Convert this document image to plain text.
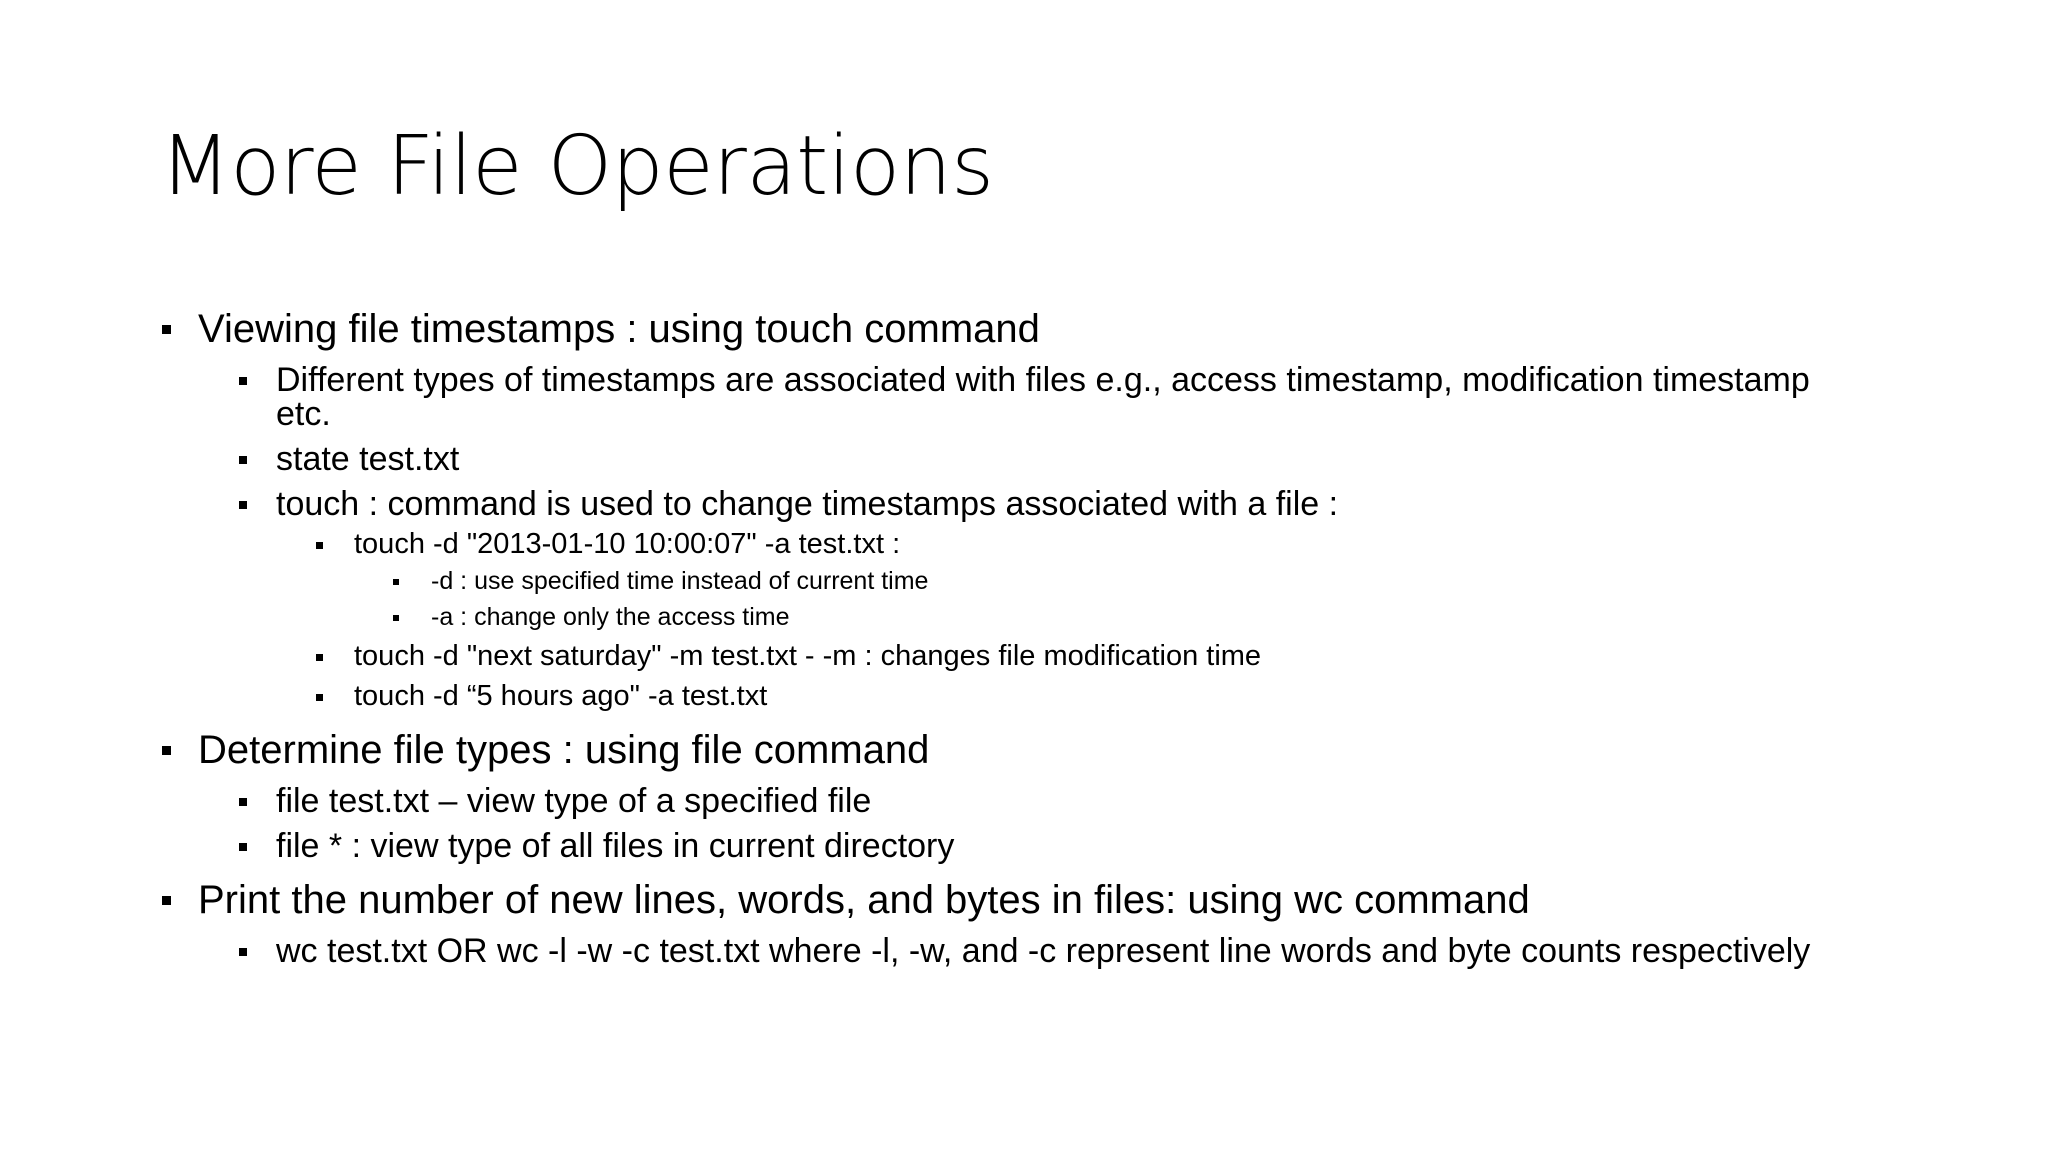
More File Operations
Viewing file timestamps : using touch command
Different types of timestamps are associated with files e.g., access timestamp, modification timestamp etc.
state test.txt
touch : command is used to change timestamps associated with a file :
touch -d "2013-01-10 10:00:07" -a test.txt :
-d : use specified time instead of current time
-a : change only the access time
touch -d "next saturday" -m test.txt - -m : changes file modification time
touch -d “5 hours ago" -a test.txt
Determine file types : using file command
file test.txt – view type of a specified file
file * : view type of all files in current directory
Print the number of new lines, words, and bytes in files: using wc command
wc test.txt OR wc -l -w -c test.txt where -l, -w, and -c represent line words and byte counts respectively
